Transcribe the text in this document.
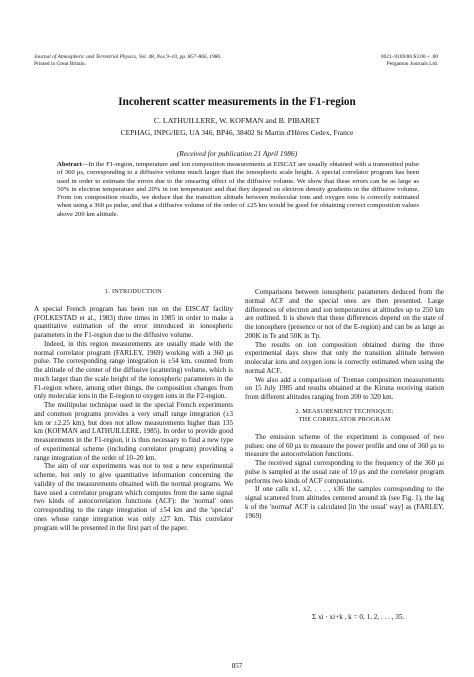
Journal of Atmospheric and Terrestrial Physics, Vol. 48, Nos 9–10, pp. 857–866, 1986.
Printed in Great Britain.
0021–9169/86 $3.00 + .00
Pergamon Journals Ltd.
Incoherent scatter measurements in the F1-region
C. LATHUILLERE, W. KOFMAN and B. PIBARET
CEPHAG, INPG/IEG, UA 346, BP46, 38402 St Martin d'Hères Cedex, France
(Received for publication 21 April 1986)
Abstract—In the F1-region, temperature and ion composition measurements at EISCAT are usually obtained with a transmitted pulse of 360 μs, corresponding to a diffusive volume much larger than the ionospheric scale height. A special correlator program has been used in order to estimate the errors due to the smearing effect of the diffusive volume. We show that these errors can be as large as 50% in electron temperature and 20% in ion temperature and that they depend on electron density gradients in the diffusive volume. From ion composition results, we deduce that the transition altitude between molecular ions and oxygen ions is correctly estimated when using a 360 μs pulse, and that a diffusive volume of the order of ±25 km would be good for obtaining correct composition values above 200 km altitude.
1. INTRODUCTION

A special French program has been run on the EISCAT facility (FOLKESTAD et al., 1983) three times in 1985 in order to make a quantitative estimation of the error introduced in ionospheric parameters in the F1-region due to the diffusive volume.

Indeed, in this region measurements are usually made with the normal correlator program (FARLEY, 1969) working with a 360 μs pulse. The corresponding range integration is ±54 km, counted from the altitude of the center of the diffusive (scattering) volume, which is much larger than the scale height of the ionospheric parameters in the F1-region where, among other things, the composition changes from only molecular ions in the E-region to oxygen ions in the F2-region.

The multipulse technique used in the special French experiments and common programs provides a very small range integration (±3 km or ±2.25 km), but does not allow measurements higher than 135 km (KOFMAN and LATHUILLERE, 1985). In order to provide good measurements in the F1-region, it is thus necessary to find a new type of experimental scheme (including correlator program) providing a range integration of the order of 10–20 km.

The aim of our experiments was not to test a new experimental scheme, but only to give quantitative information concerning the validity of the measurements obtained with the normal programs. We have used a correlator program which computes from the same signal two kinds of autocorrelation functions (ACF): the 'normal' ones corresponding to the range integration of ±54 km and the 'special' ones whose range integration was only ±27 km. This correlator program will be presented in the first part of the paper.

Comparisons between ionospheric parameters deduced from the normal ACF and the special ones are then presented. Large differences of electron and ion temperatures at altitudes up to 250 km are outlined. It is shown that these differences depend on the state of the ionosphere (presence or not of the E-region) and can be as large as 200K in Te and 50K in Tp.

The results on ion composition obtained during the three experimental days show that only the transition altitude between molecular ions and oxygen ions is correctly estimated when using the normal ACF.

We also add a comparison of Tromsø composition measurements on 15 July 1985 and results obtained at the Kiruna receiving station from different altitudes ranging from 200 to 320 km.

2. MEASUREMENT TECHNIQUE:
THE CORRELATOR PROGRAM

The emission scheme of the experiment is composed of two pulses: one of 60 μs to measure the power profile and one of 360 μs to measure the autocorrelation functions.

The received signal corresponding to the frequency of the 360 μs pulse is sampled at the usual rate of 10 μs and the correlator program performs two kinds of ACF computations.

If one calls x1, x2, . . . , x36 the samples corresponding to the signal scattered from altitudes centered around zk (see Fig. 1), the lag k of the 'normal' ACF is calculated [in 'the usual' way] as (FARLEY, 1969)

Σ xi · xi+k , k = 0, 1, 2, . . . , 35.
857
